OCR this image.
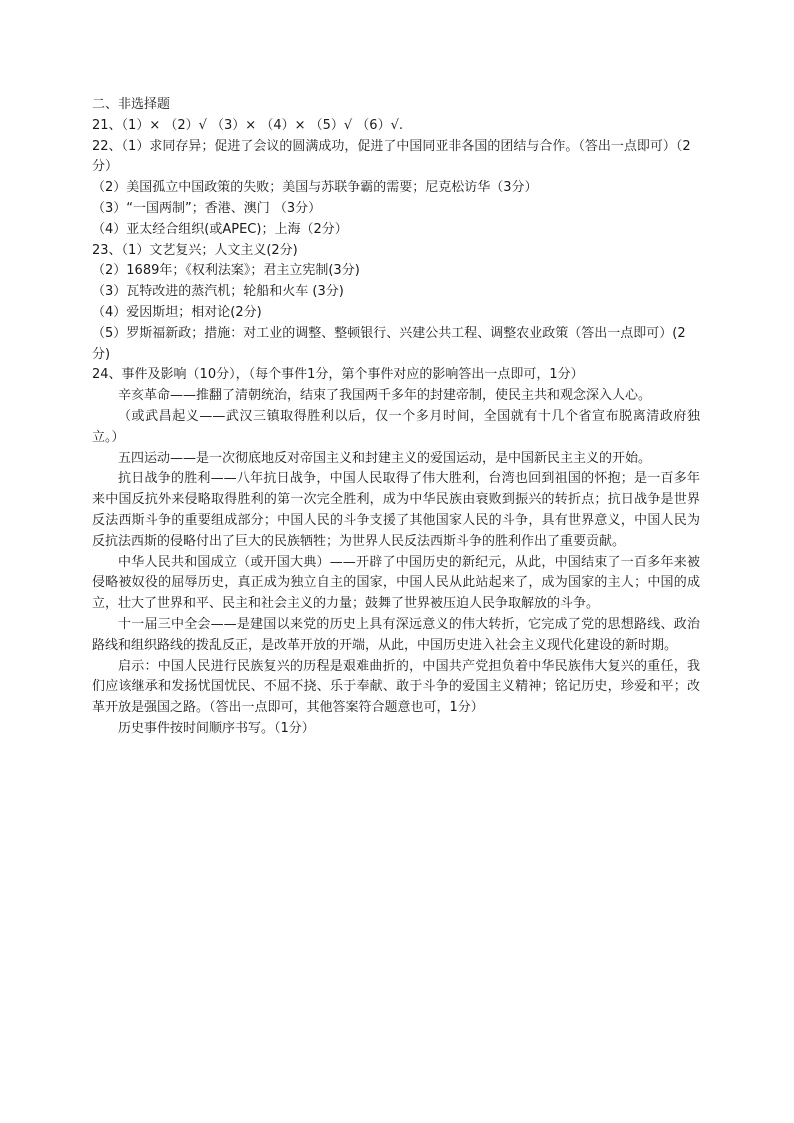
二、非选择题
21、（1）× （2）√ （3）× （4）× （5）√ （6）√.
22、（1）求同存异；促进了会议的圆满成功，促进了中国同亚非各国的团结与合作。（答出一点即可）（2分）
（2）美国孤立中国政策的失败；美国与苏联争霸的需要；尼克松访华（3分）
（3）“一国两制”；香港、澳门 （3分）
（4）亚太经合组织(或APEC)；上海（2分）
23、（1）文艺复兴；人文主义(2分)
（2）1689年；《权利法案》；君主立宪制(3分)
（3）瓦特改进的蒸汽机；轮船和火车 (3分)
（4）爱因斯坦；相对论(2分)
（5）罗斯福新政；措施：对工业的调整、整顿银行、兴建公共工程、调整农业政策（答出一点即可）(2分)
24、事件及影响（10分），（每个事件1分，第个事件对应的影响答出一点即可，1分）
辛亥革命——推翻了清朝统治，结束了我国两千多年的封建帝制，使民主共和观念深入人心。
（或武昌起义——武汉三镇取得胜利以后，仅一个多月时间，全国就有十几个省宣布脱离清政府独立。）
五四运动——是一次彻底地反对帝国主义和封建主义的爱国运动，是中国新民主主义的开始。
抗日战争的胜利——八年抗日战争，中国人民取得了伟大胜利，台湾也回到祖国的怀抱；是一百多年来中国反抗外来侵略取得胜利的第一次完全胜利，成为中华民族由衰败到振兴的转折点；抗日战争是世界反法西斯斗争的重要组成部分；中国人民的斗争支援了其他国家人民的斗争，具有世界意义，中国人民为反抗法西斯的侵略付出了巨大的民族牺牲；为世界人民反法西斯斗争的胜利作出了重要贡献。
中华人民共和国成立（或开国大典）——开辟了中国历史的新纪元，从此，中国结束了一百多年来被侵略被奴役的屈辱历史，真正成为独立自主的国家，中国人民从此站起来了，成为国家的主人；中国的成立，壮大了世界和平、民主和社会主义的力量；鼓舞了世界被压迫人民争取解放的斗争。
十一届三中全会——是建国以来党的历史上具有深远意义的伟大转折，它完成了党的思想路线、政治路线和组织路线的拨乱反正，是改革开放的开端，从此，中国历史进入社会主义现代化建设的新时期。
启示：中国人民进行民族复兴的历程是艰难曲折的，中国共产党担负着中华民族伟大复兴的重任，我们应该继承和发扬忧国忧民、不屈不挠、乐于奉献、敢于斗争的爱国主义精神；铭记历史，珍爱和平；改革开放是强国之路。（答出一点即可，其他答案符合题意也可，1分）
历史事件按时间顺序书写。（1分）
